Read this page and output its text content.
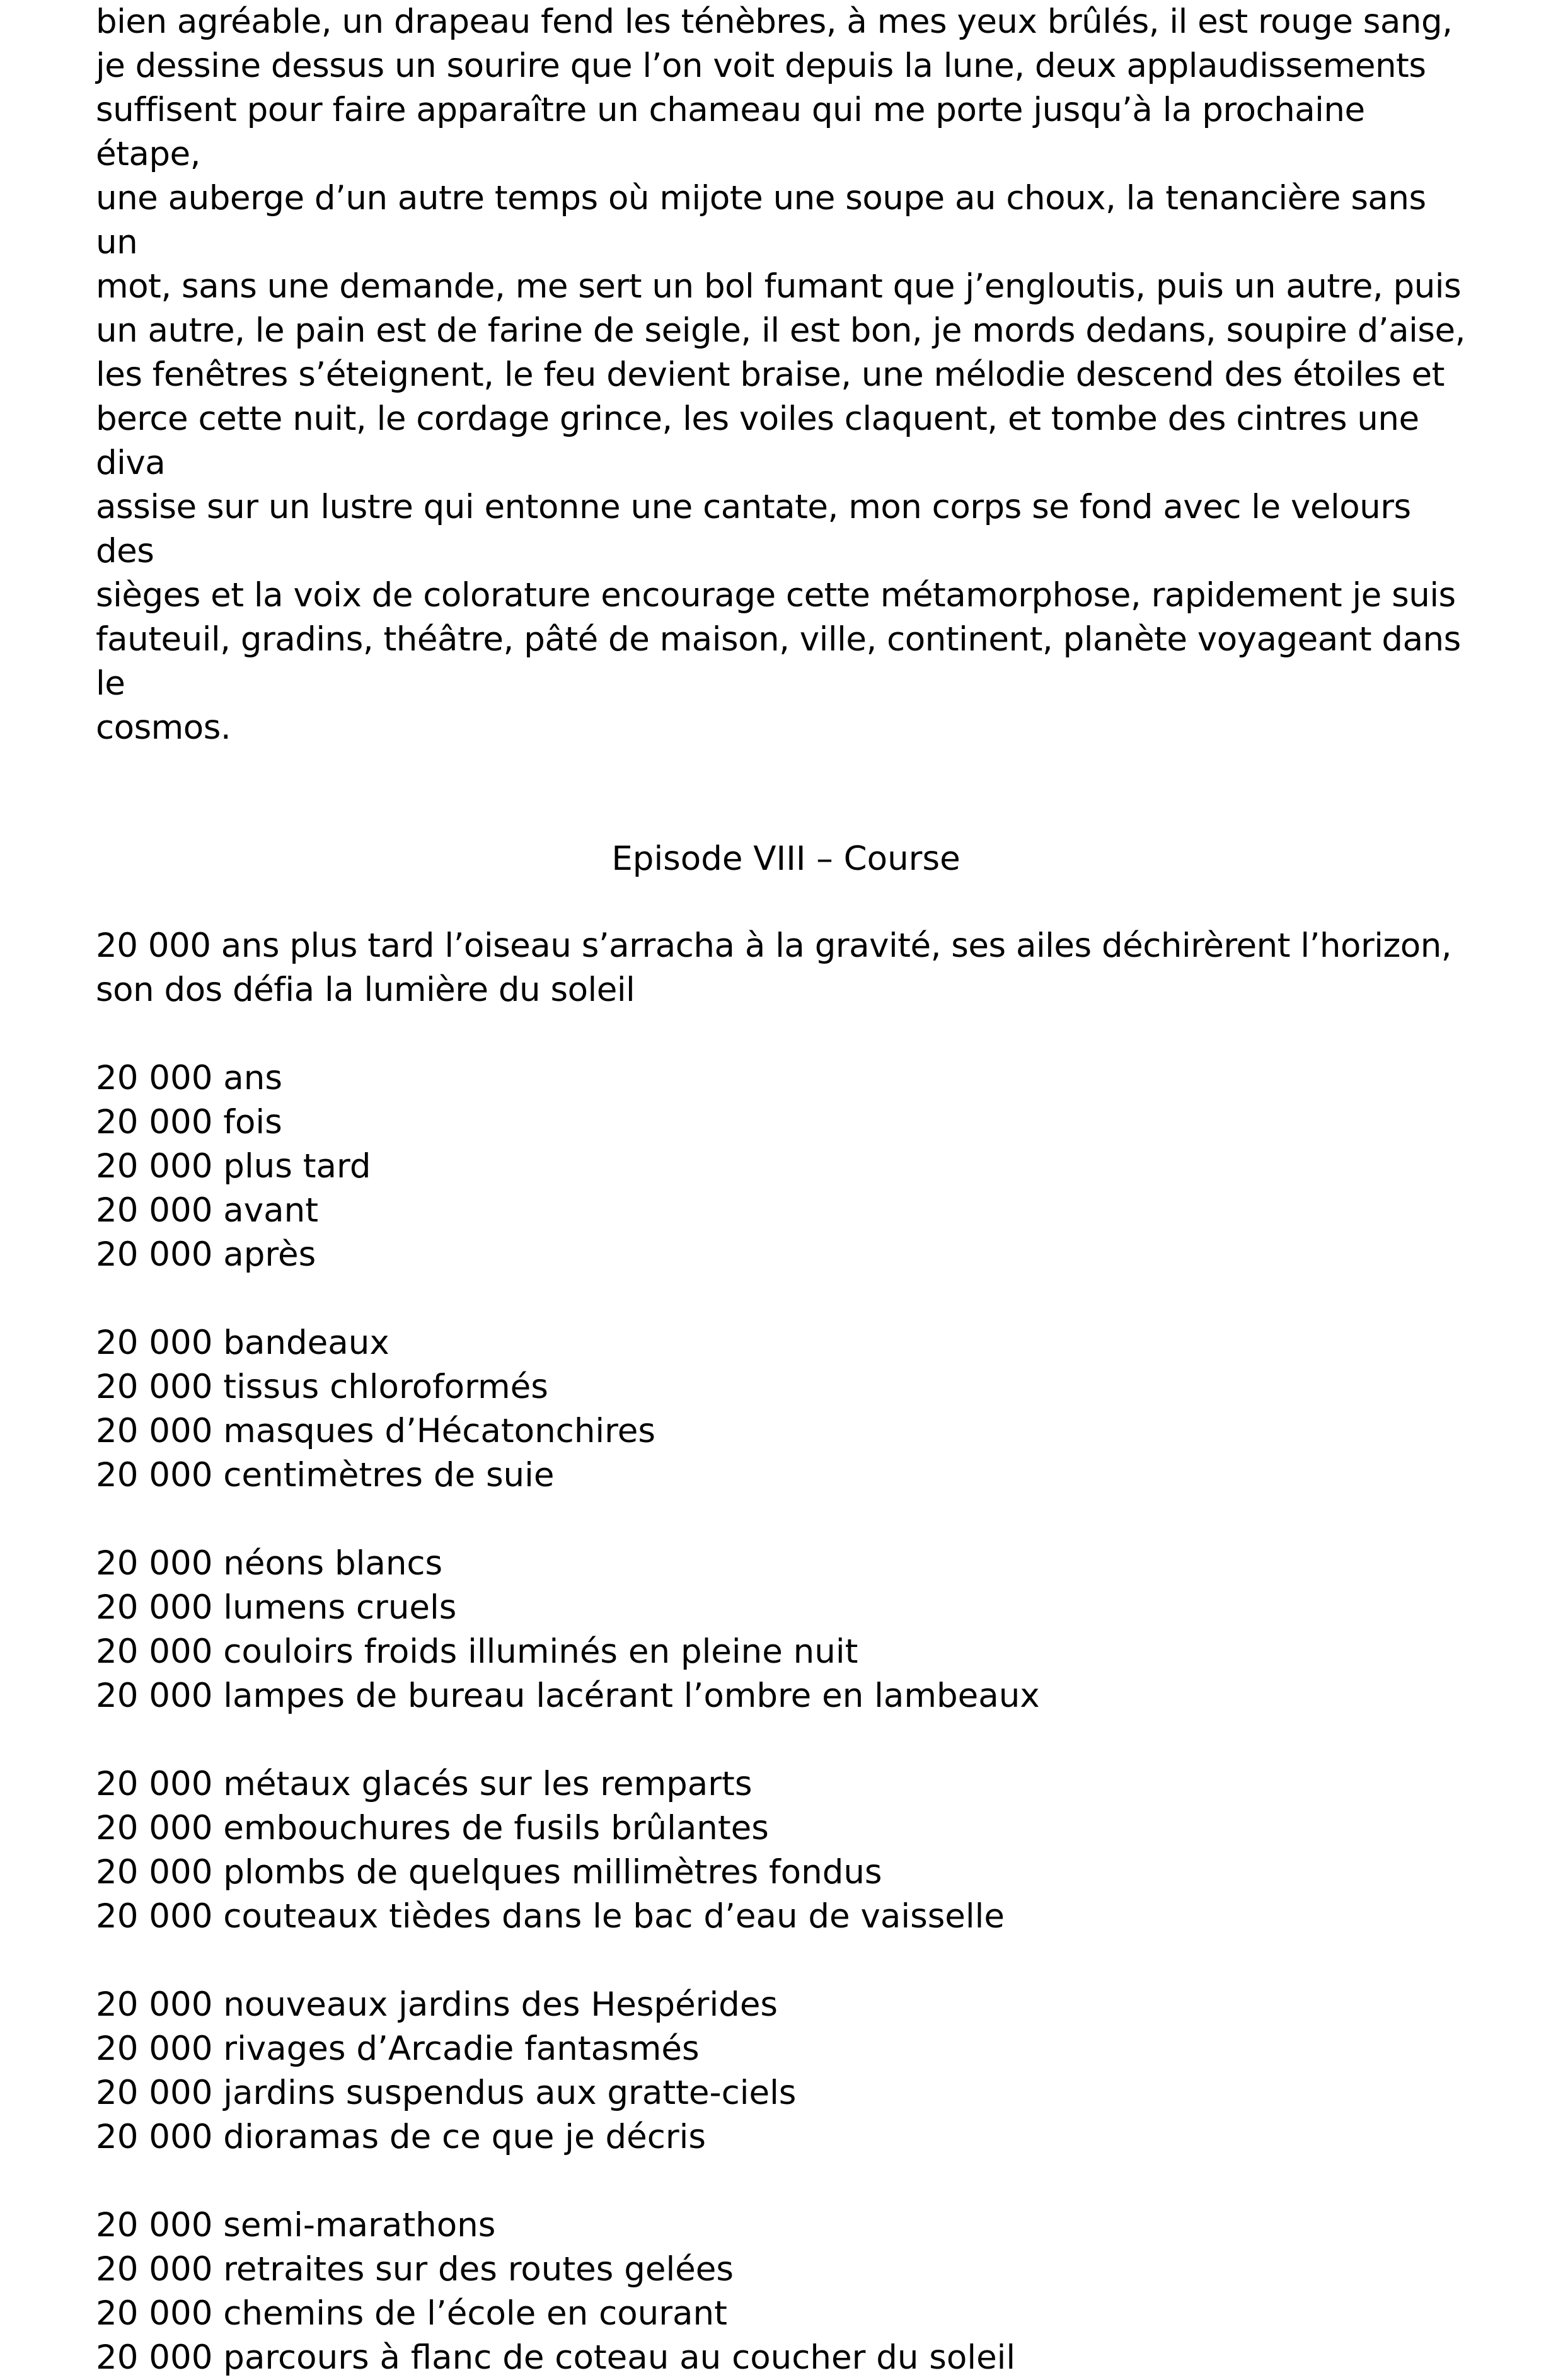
bien agréable, un drapeau fend les ténèbres, à mes yeux brûlés, il est rouge sang,
je dessine dessus un sourire que l’on voit depuis la lune, deux applaudissements
suffisent pour faire apparaître un chameau qui me porte jusqu’à la prochaine étape,
une auberge d’un autre temps où mijote une soupe au choux, la tenancière sans un
mot, sans une demande, me sert un bol fumant que j’engloutis, puis un autre, puis
un autre, le pain est de farine de seigle, il est bon, je mords dedans, soupire d’aise,
les fenêtres s’éteignent, le feu devient braise, une mélodie descend des étoiles et
berce cette nuit, le cordage grince, les voiles claquent, et tombe des cintres une diva
assise sur un lustre qui entonne une cantate, mon corps se fond avec le velours des
sièges et la voix de colorature encourage cette métamorphose, rapidement je suis
fauteuil, gradins, théâtre, pâté de maison, ville, continent, planète voyageant dans le
cosmos.

Episode VIII – Course

20 000 ans plus tard l’oiseau s’arracha à la gravité, ses ailes déchirèrent l’horizon,
son dos défia la lumière du soleil

20 000 ans
20 000 fois
20 000 plus tard
20 000 avant
20 000 après
20 000 bandeaux
20 000 tissus chloroformés
20 000 masques d’Hécatonchires
20 000 centimètres de suie
20 000 néons blancs
20 000 lumens cruels
20 000 couloirs froids illuminés en pleine nuit
20 000 lampes de bureau lacérant l’ombre en lambeaux
20 000 métaux glacés sur les remparts
20 000 embouchures de fusils brûlantes
20 000 plombs de quelques millimètres fondus
20 000 couteaux tièdes dans le bac d’eau de vaisselle
20 000 nouveaux jardins des Hespérides
20 000 rivages d’Arcadie fantasmés
20 000 jardins suspendus aux gratte-ciels
20 000 dioramas de ce que je décris
20 000 semi-marathons
20 000 retraites sur des routes gelées
20 000 chemins de l’école en courant
20 000 parcours à flanc de coteau au coucher du soleil
